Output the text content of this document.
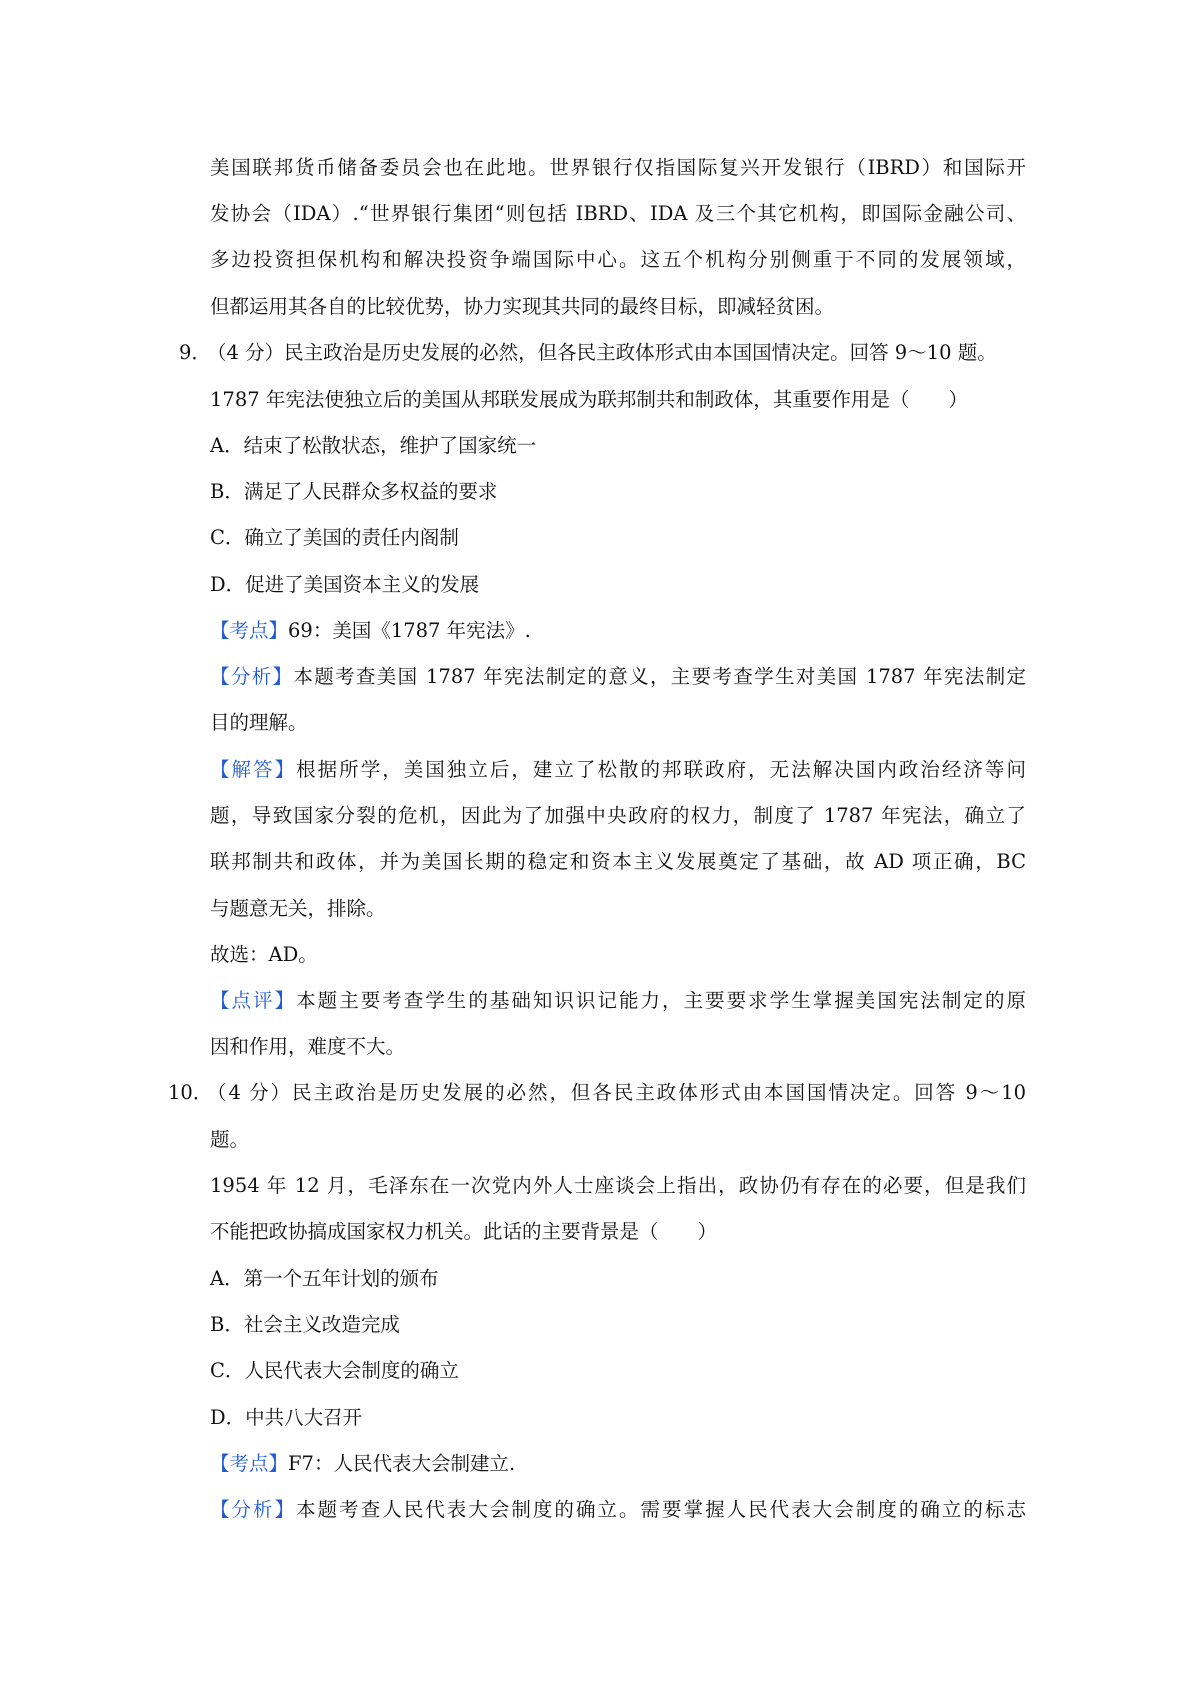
美国联邦货币储备委员会也在此地。世界银行仅指国际复兴开发银行（IBRD）和国际开
发协会（IDA）.“世界银行集团“则包括 IBRD、IDA 及三个其它机构，即国际金融公司、
多边投资担保机构和解决投资争端国际中心。这五个机构分别侧重于不同的发展领域，
但都运用其各自的比较优势，协力实现其共同的最终目标，即减轻贫困。
9．
（4 分）民主政治是历史发展的必然，但各民主政体形式由本国国情决定。回答 9～10 题。
1787 年宪法使独立后的美国从邦联发展成为联邦制共和制政体，其重要作用是（　　）
A．结束了松散状态，维护了国家统一
B．满足了人民群众多权益的要求
C．确立了美国的责任内阁制
D．促进了美国资本主义的发展
【考点】69：美国《1787 年宪法》.
【分析】本题考查美国 1787 年宪法制定的意义，主要考查学生对美国 1787 年宪法制定
目的理解。
【解答】根据所学，美国独立后，建立了松散的邦联政府，无法解决国内政治经济等问
题，导致国家分裂的危机，因此为了加强中央政府的权力，制度了 1787 年宪法，确立了
联邦制共和政体，并为美国长期的稳定和资本主义发展奠定了基础，故 AD 项正确，BC
与题意无关，排除。
故选：AD。
【点评】本题主要考查学生的基础知识识记能力，主要要求学生掌握美国宪法制定的原
因和作用，难度不大。
10．
（4 分）民主政治是历史发展的必然，但各民主政体形式由本国国情决定。回答 9～10
题。
1954 年 12 月，毛泽东在一次党内外人士座谈会上指出，政协仍有存在的必要，但是我们
不能把政协搞成国家权力机关。此话的主要背景是（　　）
A．第一个五年计划的颁布
B．社会主义改造完成
C．人民代表大会制度的确立
D．中共八大召开
【考点】F7：人民代表大会制建立.
【分析】本题考查人民代表大会制度的确立。需要掌握人民代表大会制度的确立的标志
